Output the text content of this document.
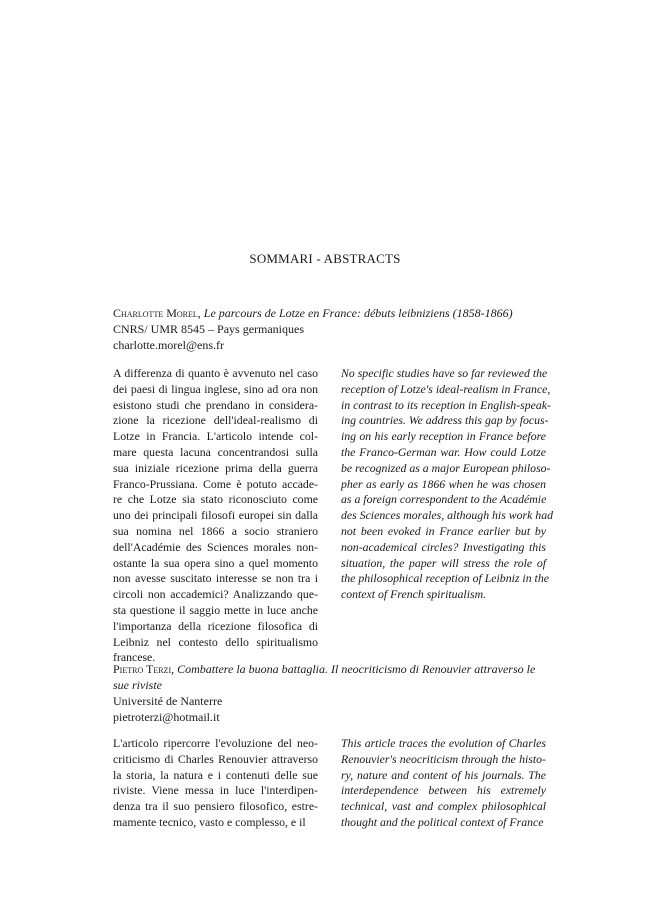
SOMMARI - ABSTRACTS
Charlotte Morel, Le parcours de Lotze en France: débuts leibniziens (1858-1866)
CNRS/ UMR 8545 – Pays germaniques
charlotte.morel@ens.fr
A differenza di quanto è avvenuto nel caso
dei paesi di lingua inglese, sino ad ora non
esistono studi che prendano in considera-
zione la ricezione dell'ideal-realismo di
Lotze in Francia. L'articolo intende col-
mare questa lacuna concentrandosi sulla
sua iniziale ricezione prima della guerra
Franco-Prussiana. Come è potuto accade-
re che Lotze sia stato riconosciuto come
uno dei principali filosofi europei sin dalla
sua nomina nel 1866 a socio straniero
dell'Académie des Sciences morales non-
ostante la sua opera sino a quel momento
non avesse suscitato interesse se non tra i
circoli non accademici? Analizzando que-
sta questione il saggio mette in luce anche
l'importanza della ricezione filosofica di
Leibniz nel contesto dello spiritualismo
francese.
No specific studies have so far reviewed the
reception of Lotze's ideal-realism in France,
in contrast to its reception in English-speak-
ing countries. We address this gap by focus-
ing on his early reception in France before
the Franco-German war. How could Lotze
be recognized as a major European philoso-
pher as early as 1866 when he was chosen
as a foreign correspondent to the Académie
des Sciences morales, although his work had
not been evoked in France earlier but by
non-academical circles? Investigating this
situation, the paper will stress the role of
the philosophical reception of Leibniz in the
context of French spiritualism.
Pietro Terzi, Combattere la buona battaglia. Il neocriticismo di Renouvier attraverso le sue riviste
Université de Nanterre
pietroterzi@hotmail.it
L'articolo ripercorre l'evoluzione del neo-
criticismo di Charles Renouvier attraverso
la storia, la natura e i contenuti delle sue
riviste. Viene messa in luce l'interdipen-
denza tra il suo pensiero filosofico, estre-
mamente tecnico, vasto e complesso, e il
This article traces the evolution of Charles
Renouvier's neocriticism through the histo-
ry, nature and content of his journals. The
interdependence between his extremely
technical, vast and complex philosophical
thought and the political context of France
